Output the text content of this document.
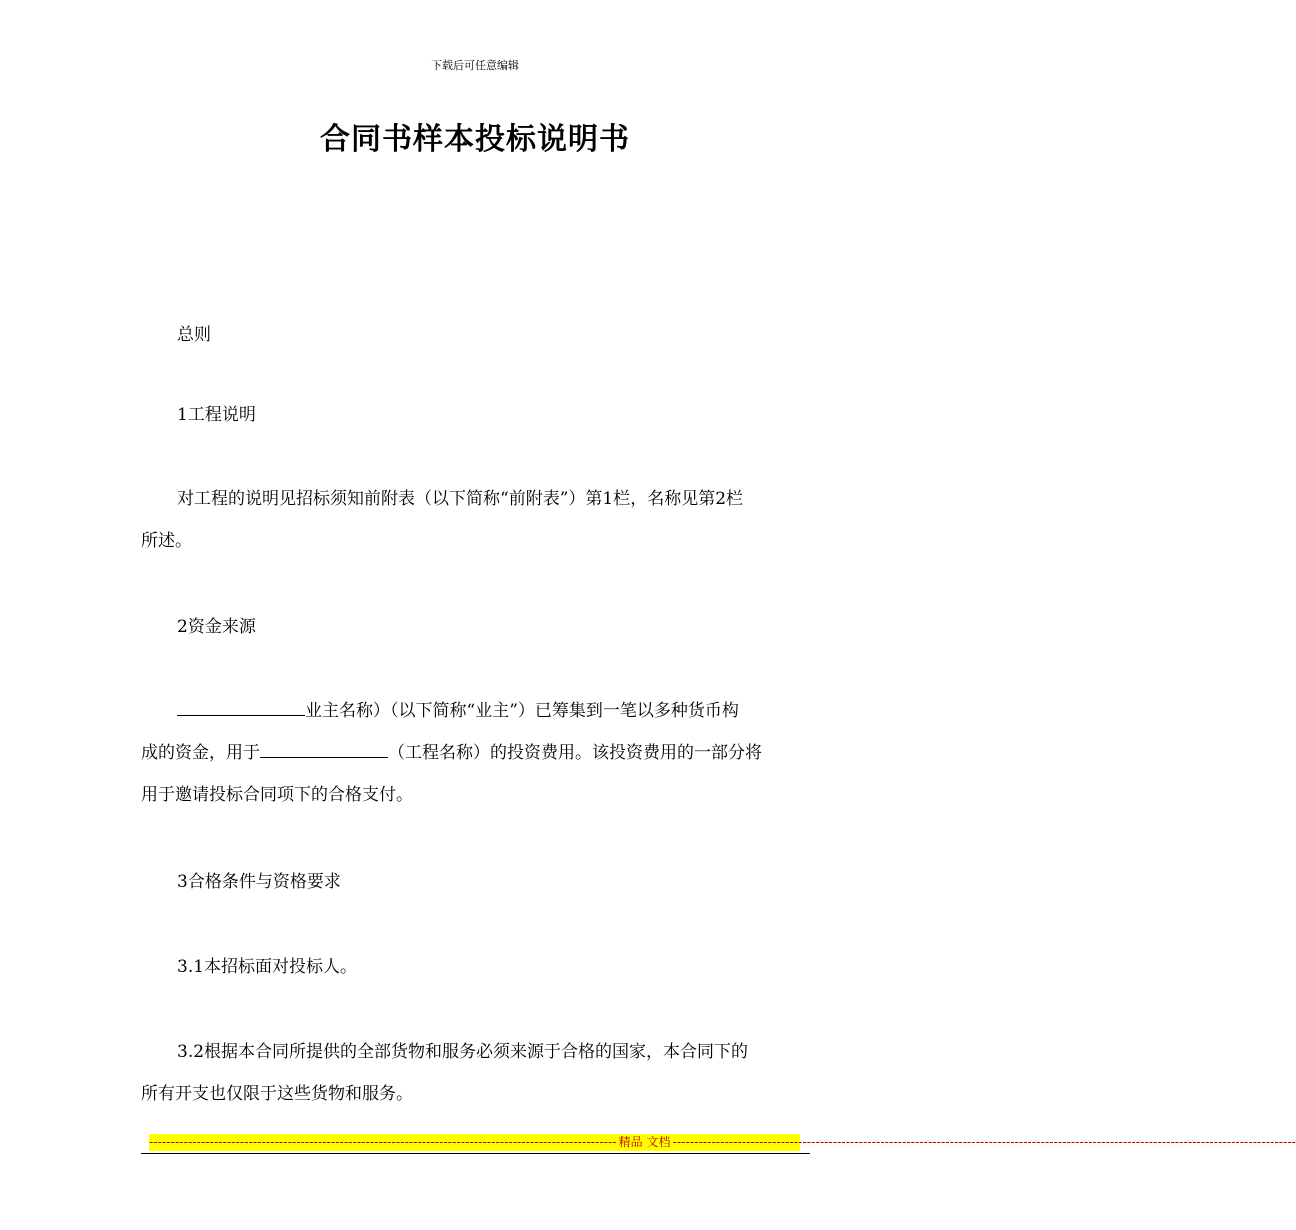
下载后可任意编辑
合同书样本投标说明书

总则

1工程说明

对工程的说明见招标须知前附表（以下简称“前附表”）第1栏，名称见第2栏

所述。

2资金来源

业主名称）（以下简称“业主”）已筹集到一笔以多种货币构

成的资金，用于	（工程名称）的投资费用。该投资费用的一部分将

用于邀请投标合同项下的合格支付。

3合格条件与资格要求

3.1本招标面对投标人。

3.2根据本合同所提供的全部货物和服务必须来源于合格的国家，本合同下的

所有开支也仅限于这些货物和服务。

------------------------------------------------------------------------------------------------------------ 精品 文档 ------------------------------------------------------------------------------------------------------------------------------------------------
